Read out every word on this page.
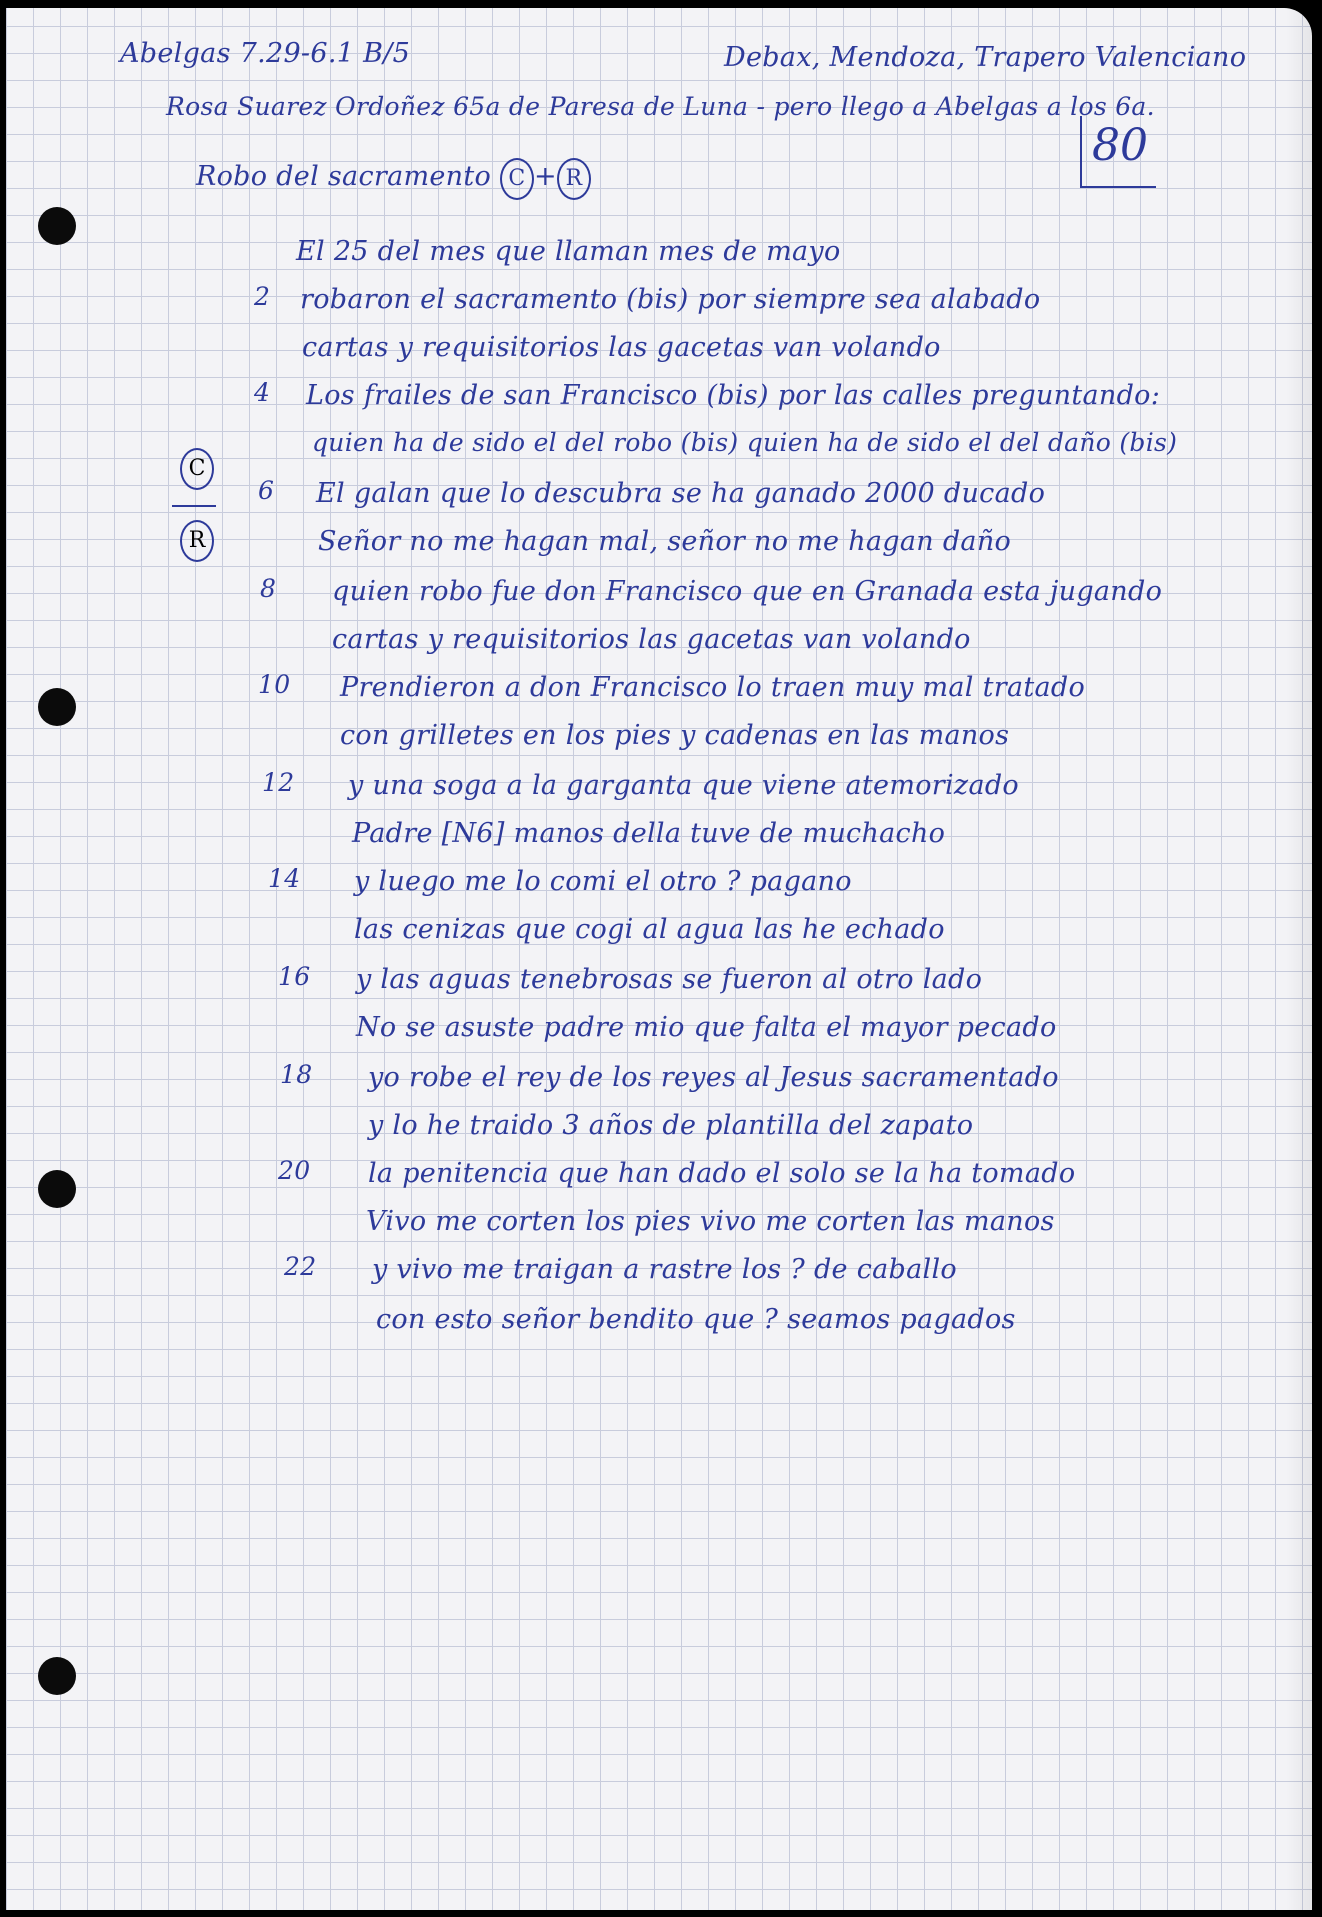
Abelgas 7.29-6.1 B/5	Debax, Mendoza, Trapero Valenciano
Rosa Suarez Ordoñez 65a de Paresa de Luna - pero llego a Abelgas a los 6a.
80
Robo del sacramento C + R
C
R
2
4
6
8
10
12
14
16
18
20
22
El 25 del mes que llaman mes de mayo
robaron el sacramento (bis) por siempre sea alabado
cartas y requisitorios las gacetas van volando
Los frailes de san Francisco (bis) por las calles preguntando:
quien ha de sido el del robo (bis) quien ha de sido el del daño (bis)
El galan que lo descubra se ha ganado 2000 ducado
Señor no me hagan mal, señor no me hagan daño
quien robo fue don Francisco que en Granada esta jugando
cartas y requisitorios las gacetas van volando
Prendieron a don Francisco lo traen muy mal tratado
con grilletes en los pies y cadenas en las manos
y una soga a la garganta que viene atemorizado
Padre [N6] manos della tuve de muchacho
y luego me lo comi el otro ? pagano
las cenizas que cogi al agua las he echado
y las aguas tenebrosas se fueron al otro lado
No se asuste padre mio que falta el mayor pecado
yo robe el rey de los reyes al Jesus sacramentado
y lo he traido 3 años de plantilla del zapato
la penitencia que han dado el solo se la ha tomado
Vivo me corten los pies vivo me corten las manos
y vivo me traigan a rastre los ? de caballo
con esto señor bendito que ? seamos pagados
